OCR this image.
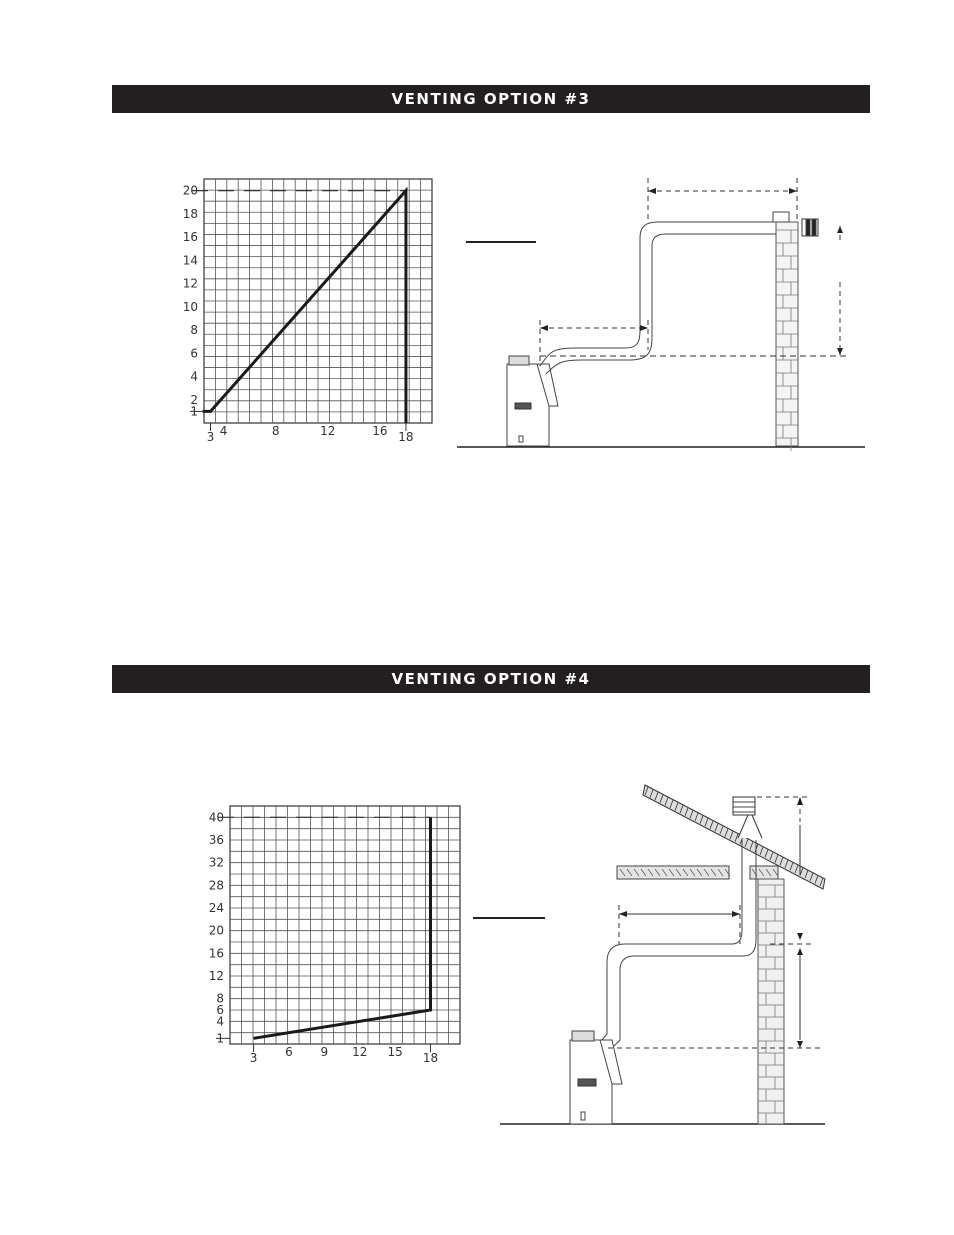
VENTING OPTION #3
VENTING OPTION #4
20
18
16
14
12
10
8
6
4
2
1
3 4	8	12	16 18
40
36
32
28
24
20
16
12
8
6
4
1
3 6 9 12 15 18
